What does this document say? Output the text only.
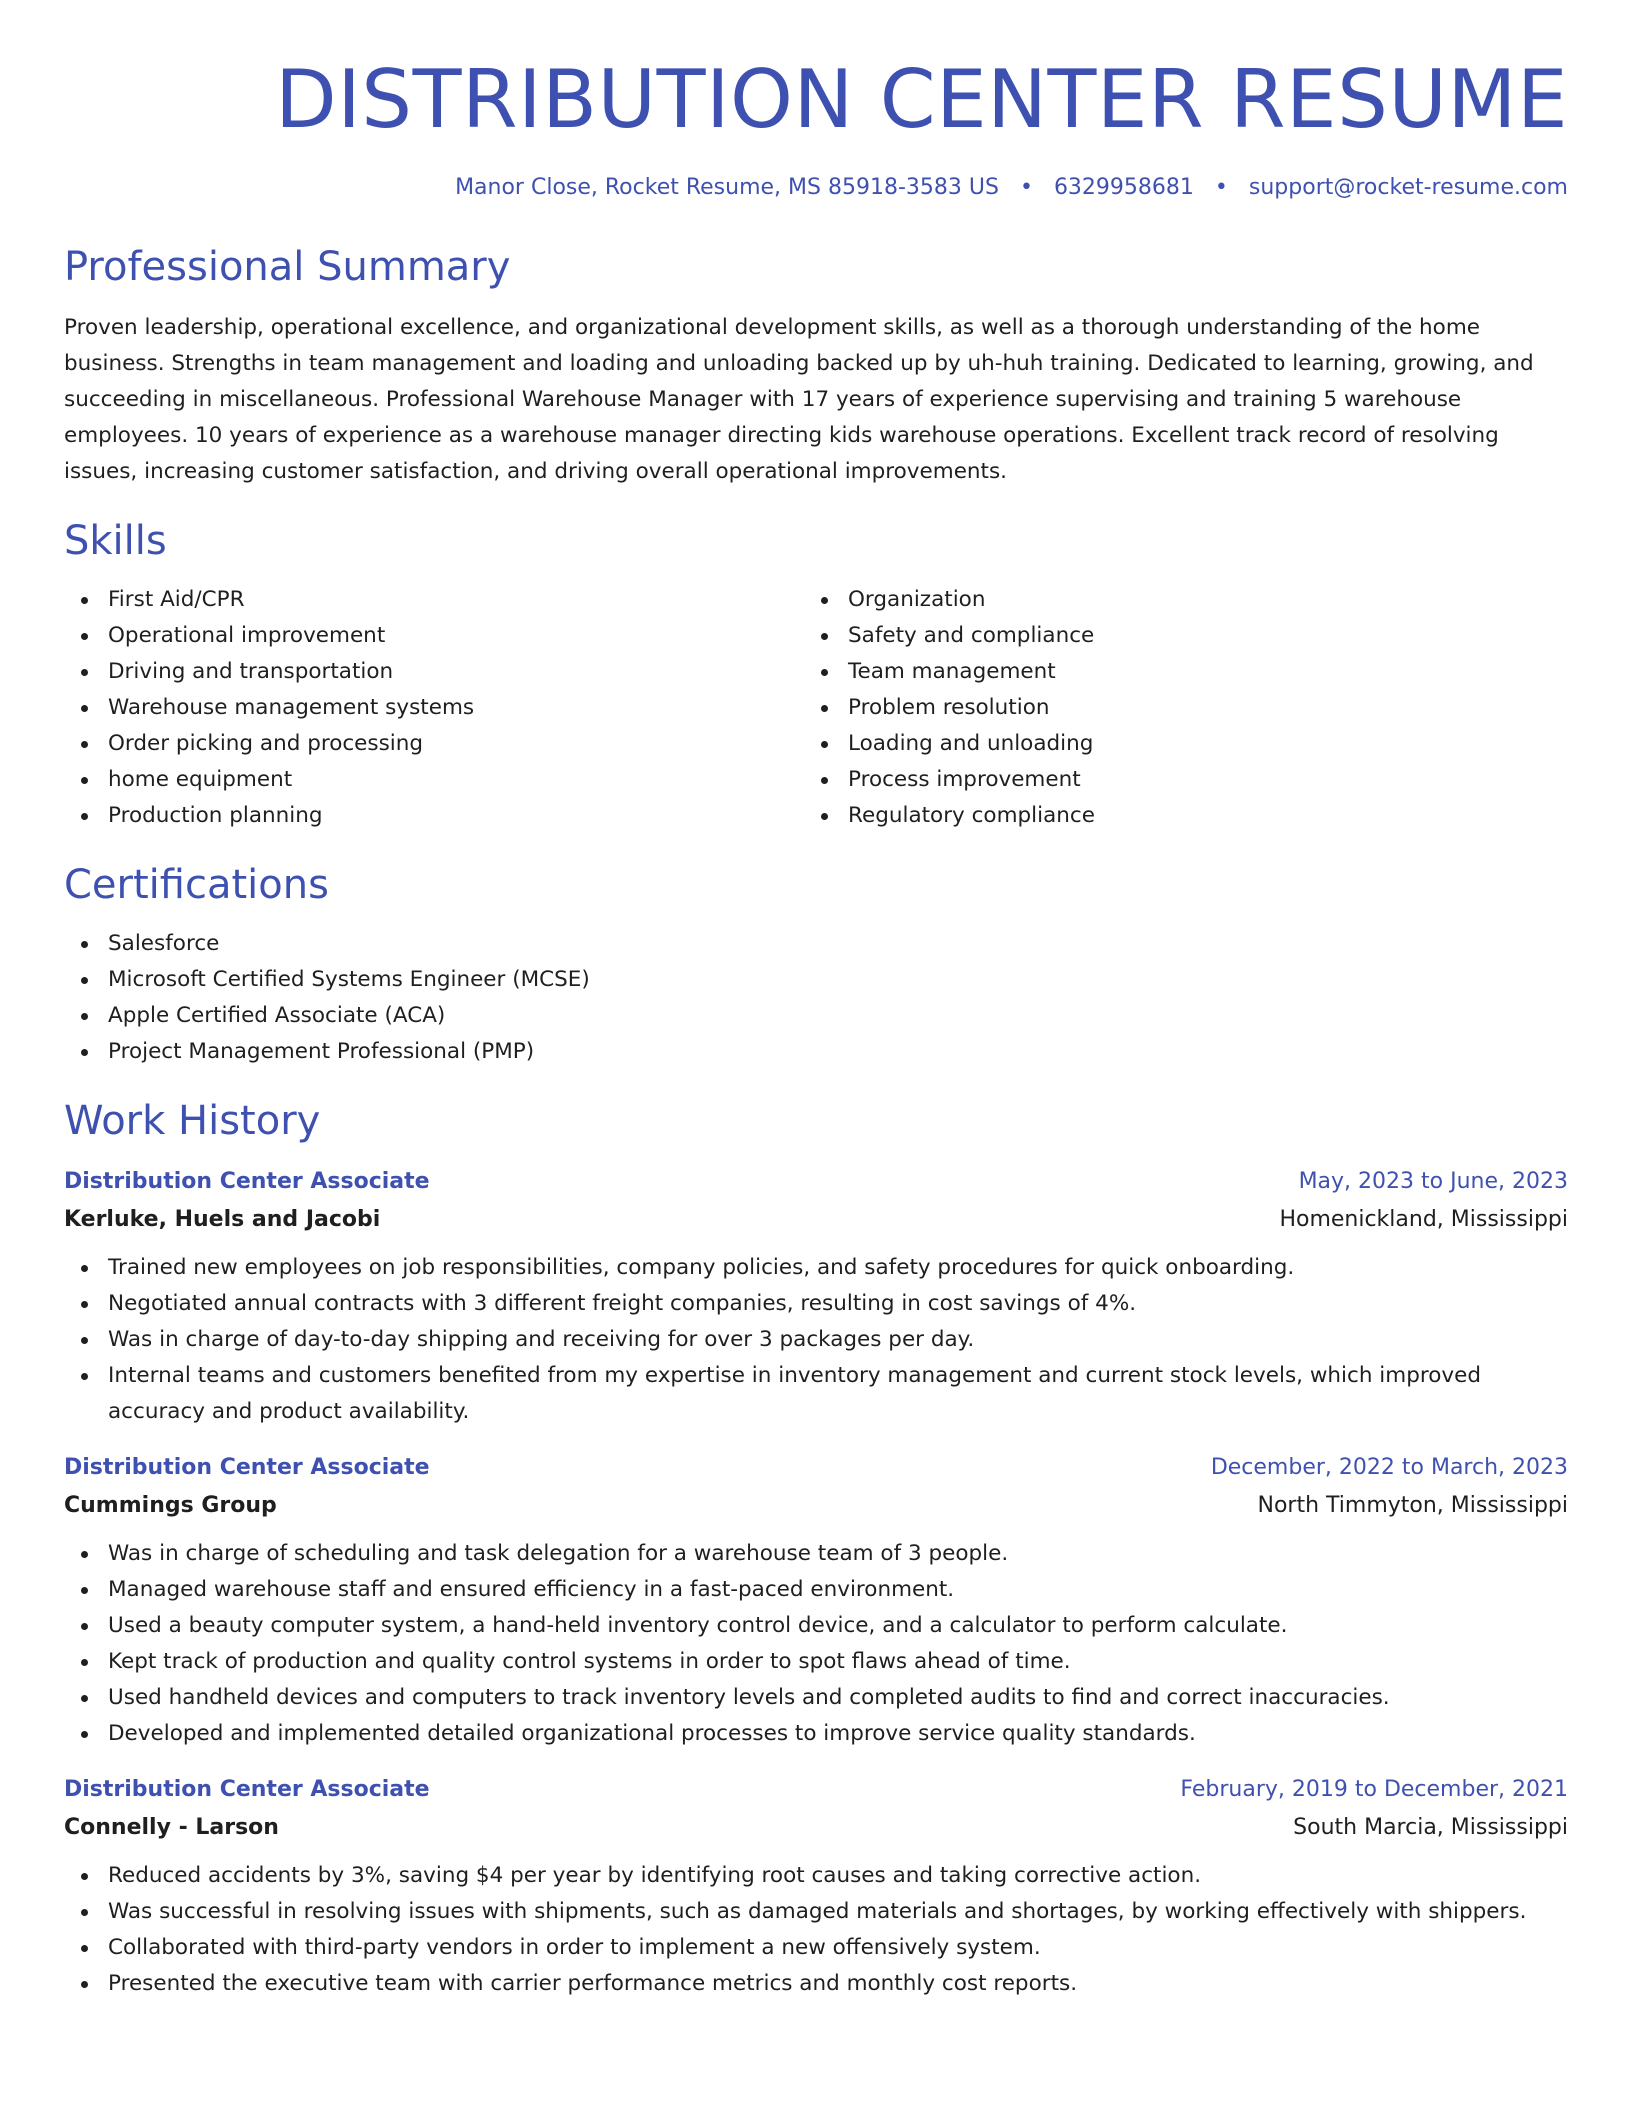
DISTRIBUTION CENTER RESUME
Manor Close, Rocket Resume, MS 85918-3583 US • 6329958681 • support@rocket-resume.com
Professional Summary

Proven leadership, operational excellence, and organizational development skills, as well as a thorough understanding of the home business. Strengths in team management and loading and unloading backed up by uh-huh training. Dedicated to learning, growing, and succeeding in miscellaneous. Professional Warehouse Manager with 17 years of experience supervising and training 5 warehouse employees. 10 years of experience as a warehouse manager directing kids warehouse operations. Excellent track record of resolving issues, increasing customer satisfaction, and driving overall operational improvements.

Skills
First Aid/CPR
Operational improvement
Driving and transportation
Warehouse management systems
Order picking and processing
home equipment
Production planning
Organization
Safety and compliance
Team management
Problem resolution
Loading and unloading
Process improvement
Regulatory compliance
Certifications
Salesforce
Microsoft Certified Systems Engineer (MCSE)
Apple Certified Associate (ACA)
Project Management Professional (PMP)
Work History
Distribution Center Associate	May, 2023 to June, 2023
Kerluke, Huels and Jacobi	Homenickland, Mississippi
Trained new employees on job responsibilities, company policies, and safety procedures for quick onboarding.
Negotiated annual contracts with 3 different freight companies, resulting in cost savings of 4%.
Was in charge of day-to-day shipping and receiving for over 3 packages per day.
Internal teams and customers benefited from my expertise in inventory management and current stock levels, which improved accuracy and product availability.
Distribution Center Associate	December, 2022 to March, 2023
Cummings Group	North Timmyton, Mississippi
Was in charge of scheduling and task delegation for a warehouse team of 3 people.
Managed warehouse staff and ensured efficiency in a fast-paced environment.
Used a beauty computer system, a hand-held inventory control device, and a calculator to perform calculate.
Kept track of production and quality control systems in order to spot flaws ahead of time.
Used handheld devices and computers to track inventory levels and completed audits to find and correct inaccuracies.
Developed and implemented detailed organizational processes to improve service quality standards.
Distribution Center Associate	February, 2019 to December, 2021
Connelly - Larson	South Marcia, Mississippi
Reduced accidents by 3%, saving $4 per year by identifying root causes and taking corrective action.
Was successful in resolving issues with shipments, such as damaged materials and shortages, by working effectively with shippers.
Collaborated with third-party vendors in order to implement a new offensively system.
Presented the executive team with carrier performance metrics and monthly cost reports.
